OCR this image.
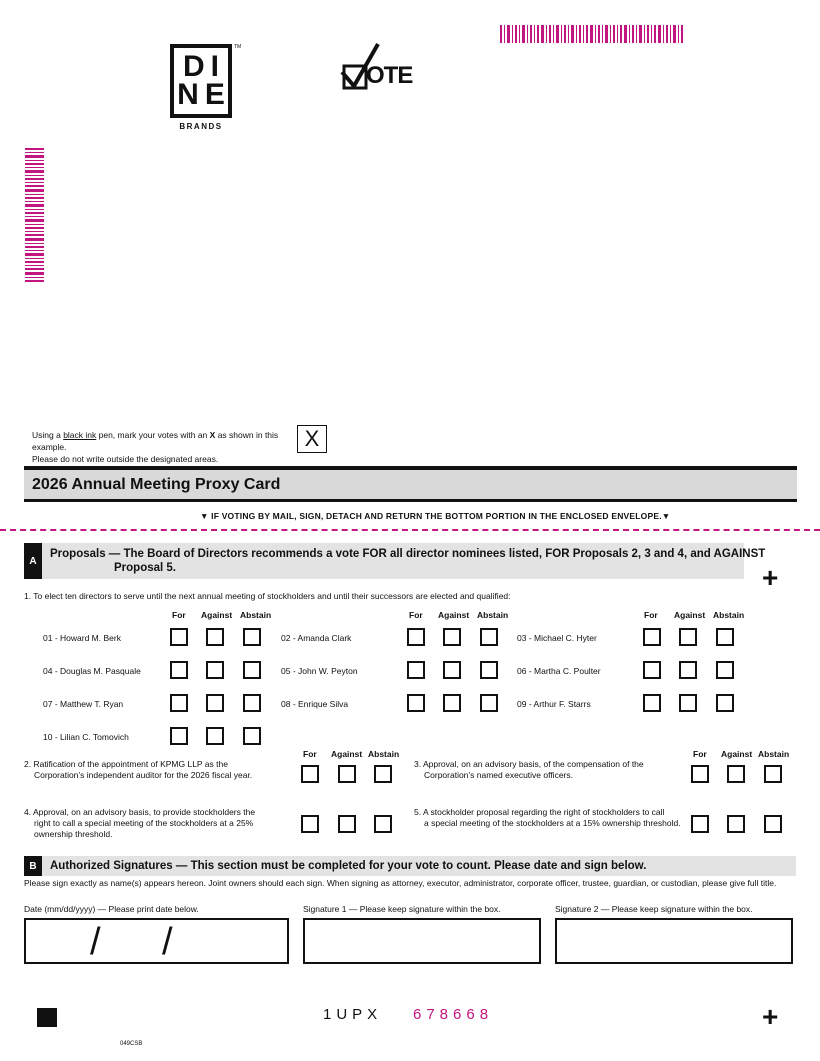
DI
NE
TM
BRANDS
OTE
Using a black ink pen, mark your votes with an X as shown in this example.
Please do not write outside the designated areas.
X
2026 Annual Meeting Proxy Card
▼ IF VOTING BY MAIL, SIGN, DETACH AND RETURN THE BOTTOM PORTION IN THE ENCLOSED ENVELOPE.▼
A
Proposals — The Board of Directors recommends a vote FOR all director nominees listed, FOR Proposals 2, 3 and 4, and AGAINST
Proposal 5.	+
1. To elect ten directors to serve until the next annual meeting of stockholders and until their successors are elected and qualified:
For Against Abstain	For Against Abstain	For Against Abstain
01 - Howard M. Berk	02 - Amanda Clark	03 - Michael C. Hyter
04 - Douglas M. Pasquale	05 - John W. Peyton	06 - Martha C. Poulter
07 - Matthew T. Ryan	08 - Enrique Silva	09 - Arthur F. Starrs
10 - Lilian C. Tomovich
For Against Abstain	For Against Abstain
2. Ratification of the appointment of KPMG LLP as the
Corporation’s independent auditor for the 2026 fiscal year.
3. Approval, on an advisory basis, of the compensation of the
Corporation’s named executive officers.
4. Approval, on an advisory basis, to provide stockholders the
right to call a special meeting of the stockholders at a 25%
ownership threshold.
5. A stockholder proposal regarding the right of stockholders to call
a special meeting of the stockholders at a 15% ownership threshold.
B	Authorized Signatures — This section must be completed for your vote to count. Please date and sign below.
Please sign exactly as name(s) appears hereon. Joint owners should each sign. When signing as attorney, executor, administrator, corporate officer, trustee, guardian, or custodian, please give full title.
Date (mm/dd/yyyy) — Please print date below.	Signature 1 — Please keep signature within the box.	Signature 2 — Please keep signature within the box.
/ /
1UPX 678668	+
049CSB
